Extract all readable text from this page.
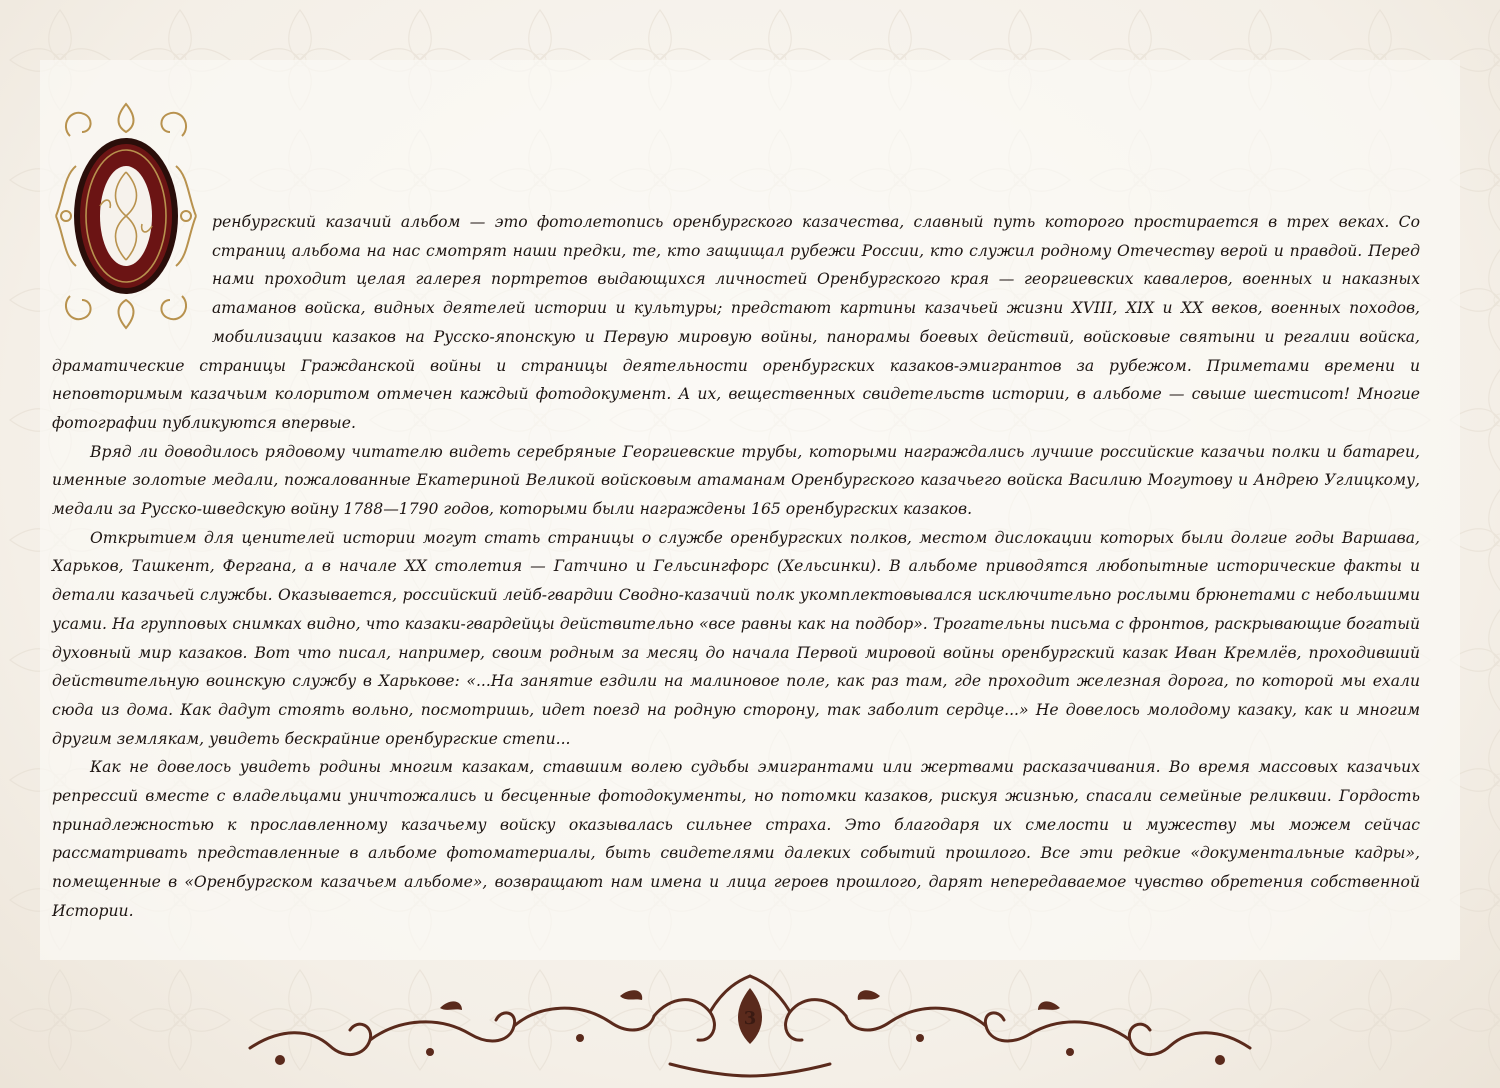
ренбургский казачий альбом — это фотолетопись оренбургского казачества, славный путь которого простирается в трех веках. Со страниц альбома на нас смотрят наши предки, те, кто защищал рубежи России, кто служил родному Отечеству верой и правдой. Перед нами проходит целая галерея портретов выдающихся личностей Оренбургского края — георгиевских кавалеров, военных и наказных атаманов войска, видных деятелей истории и культуры; предстают картины казачьей жизни XVIII, XIX и XX веков, военных походов, мобилизации казаков на Русско-японскую и Первую мировую войны, панорамы боевых действий, войсковые святыни и регалии войска, драматические страницы Гражданской войны и страницы деятельности оренбургских казаков-эмигрантов за рубежом. Приметами времени и неповторимым казачьим колоритом отмечен каждый фотодокумент. А их, вещественных свидетельств истории, в альбоме — свыше шестисот! Многие фотографии публикуются впервые.

Вряд ли доводилось рядовому читателю видеть серебряные Георгиевские трубы, которыми награждались лучшие российские казачьи полки и батареи, именные золотые медали, пожалованные Екатериной Великой войсковым атаманам Оренбургского казачьего войска Василию Могутову и Андрею Углицкому, медали за Русско-шведскую войну 1788—1790 годов, которыми были награждены 165 оренбургских казаков.

Открытием для ценителей истории могут стать страницы о службе оренбургских полков, местом дислокации которых были долгие годы Варшава, Харьков, Ташкент, Фергана, а в начале XX столетия — Гатчино и Гельсингфорс (Хельсинки). В альбоме приводятся любопытные исторические факты и детали казачьей службы. Оказывается, российский лейб-гвардии Сводно-казачий полк укомплектовывался исключительно рослыми брюнетами с небольшими усами. На групповых снимках видно, что казаки-гвардейцы действительно «все равны как на подбор». Трогательны письма с фронтов, раскрывающие богатый духовный мир казаков. Вот что писал, например, своим родным за месяц до начала Первой мировой войны оренбургский казак Иван Кремлёв, проходивший действительную воинскую службу в Харькове: «...На занятие ездили на малиновое поле, как раз там, где проходит железная дорога, по которой мы ехали сюда из дома. Как дадут стоять вольно, посмотришь, идет поезд на родную сторону, так заболит сердце...» Не довелось молодому казаку, как и многим другим землякам, увидеть бескрайние оренбургские степи...

Как не довелось увидеть родины многим казакам, ставшим волею судьбы эмигрантами или жертвами расказачивания. Во время массовых казачьих репрессий вместе с владельцами уничтожались и бесценные фотодокументы, но потомки казаков, рискуя жизнью, спасали семейные реликвии. Гордость принадлежностью к прославленному казачьему войску оказывалась сильнее страха. Это благодаря их смелости и мужеству мы можем сейчас рассматривать представленные в альбоме фотоматериалы, быть свидетелями далеких событий прошлого. Все эти редкие «документальные кадры», помещенные в «Оренбургском казачьем альбоме», возвращают нам имена и лица героев прошлого, дарят непередаваемое чувство обретения собственной Истории.

3
